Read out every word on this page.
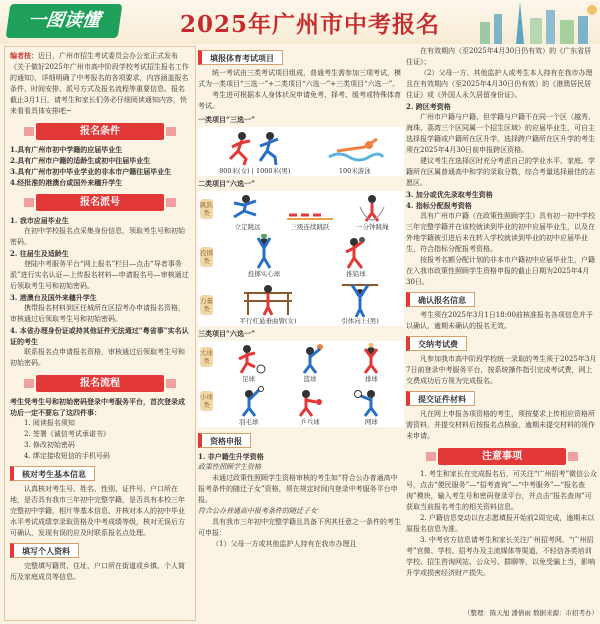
一图读懂	2025年广州市中考报名
编者按：近日，广州市招生考试委员会办公室正式发布《关于做好2025年广州市高中阶段学校考试招生报名工作的通知》，详细明确了中考报名的各项要求，内容涵盖报名条件、时间安排、派号方式及报名流程等重要信息。报名截止3月1日，请考生和家长们务必仔细阅读通知内容，快来看看具体安排吧~
报名条件
1.具有广州市初中学籍的应届毕业生
2.具有广州市户籍的适龄生或初中往届毕业生
3.具有广州市初中毕业学业的非本市户籍往届毕业生
4.经批准的港澳台或国外来穗升学生
报名派号
1. 我市应届毕业生
在初中学校报名点采集身份信息，领取考生号和初始密码。
2. 往届生及适龄生
登陆中考服务平台“网上报名”栏目—点击“导者事务派”进行实名认证—上传报名材料—申请报名号—审核通过后领取考生号和初始密码。
3. 港澳台及国外来穗升学生
携带报名材料到区任城所在区招考办申请报名资格，审核通过后领取考生号和初始密码。
4. 本省办理身份证或持其他证件无法通过“粤省事”实名认证的考生
联系报名点申请报名资格，审核通过后领取考生号和初始密码。
报名流程
考生凭考生号和初始密码登录中考服务平台，首次登录成功后一定不要忘了这四件事：
1. 阅读报名须知
2. 签署《诚信考试承诺书》
3. 修改初始密码
4. 绑定接收短信的手机号码
核对考生基本信息
认真核对考生号、姓名、性别、证件号、户口所在地，是否具有我市三年初中完整学籍，是否具有本校三年完整初中学籍，相片等基本信息，并核对本人的初中毕业水平考试成绩享录取资格及中考成绩等级，核对无误后方可确认，发现有误的应及时联系报名点处理。
填写个人资料
完整填写籍贯、住址、户口所在街道或乡镇、个人简历及家庭成员等信息。
填报体育考试项目
统一考试由三类考试项目组成，普通考生需参加三项考试，模式为一类项目“三选一”+二类项目“六选一”+三类项目“六选一”。
考生进可根据本人身体状况申请免考、择考、缓考或特殊体育考试。
一类项目“三选一”
800米(女) | 1000米(男)	100米游泳
二类项目“六选一”
跳跃类
立定跳远	三级连续跳跃	一分钟跳绳
投掷类
投掷实心球	推铅球
力量类
平行杠悬垂曲臂(女)	引体向上(男)
三类项目“六选一”
大球类
足球	篮球	排球
小球类
羽毛球	乒乓球	网球
资格申报
1. 非户籍生升学资格
政策性照顾学生资格
未通过政策性照顾学生资格审核的考生如“符合公办普通高中报考条件的随迁子女”资格，须在规定时间内登录中考服务平台申报。
符合公办普通高中报考条件的随迁子女
具有我市三年初中完整学籍且具备下列其任意之一条件的考生可申报：
（1）父母一方或其他监护人持有在我市办理且
在有效期内（至2025年4月30日仍有效）的《广东省居住证》；
（2）父母一方、其他监护人或考生本人持有在我市办理且在有效期内（至2025年4月30日仍有效）的《港澳居民居住证》或《外国人永久居留身份证》。
2. 跨区考资格
广州市户籍与户籍、但学籍与户籍不在同一个区（越秀、海珠、荔湾三个区同属一个招生区域）的应届毕业生，可自主选择报学籍或户籍所在区升学，选择跨户籍所在区升学的考生须在2025年4月30日前申报跨区资格。
建议考生在选择区时充分考虑自己的学业水平、家庭、学籍所在区属普通高中和学的录取分数，综合考量选择最佳的志愿区。
3. 加分或优先录取考生资格
4. 指标分配报考资格
具有广州市户籍（在政策性照顾学生）具有初一初中学校三年完整学籍并在该校就读到毕业的初中应届毕业生，以及在外地学籍被引进后未在转入学校就读到毕业的初中应届毕业生，符合指标分配报考资格。
按报考名额分配计划的非本市户籍初中应届毕业生，户籍在入我市政策性照顾学生资格申报的截止日期为2025年4月30日。
确认报名信息
考生须在2025年3月1日18:00前核准报名各项信息并予以确认，逾期未确认的报名无效。
交纳考试费
凡参加我市高中阶段学校统一录取的考生须于2025年3月7日前登录中考服务平台，按系统操作指引完成考试费，网上交费成功后方视为完成报名。
提交证件材料
凡在网上申报各项资格的考生，须按要求上传相应资格所需资料，并提交材料后按报名点核验，逾期未提交材料的视作未申请。
注意事项
1. 考生和家长在完成报名后，可关注“广州招考”微信公众号，点击“便民服务”—“招考查询”—“中考服务”—“报名查询”模块，输入考生号和密码登录平台，并点击“报名查询”可获取当前报名考生的相关资料信息。
2. 户籍信息变动以在志愿填报开始前2周完成，逾期未以原报名信息为准。
3. 中考官方信息请考生和家长关注广州招考网、“广州招考”官微、学校、招考办及主流媒体等渠道，不轻信各类培训学校、招生咨询网站、公众号、群聊等，以免受骗上当，影响升学或损害经济财产损失。
（整理：陈天旭 潘倩雨 数据来源：市招考办）
